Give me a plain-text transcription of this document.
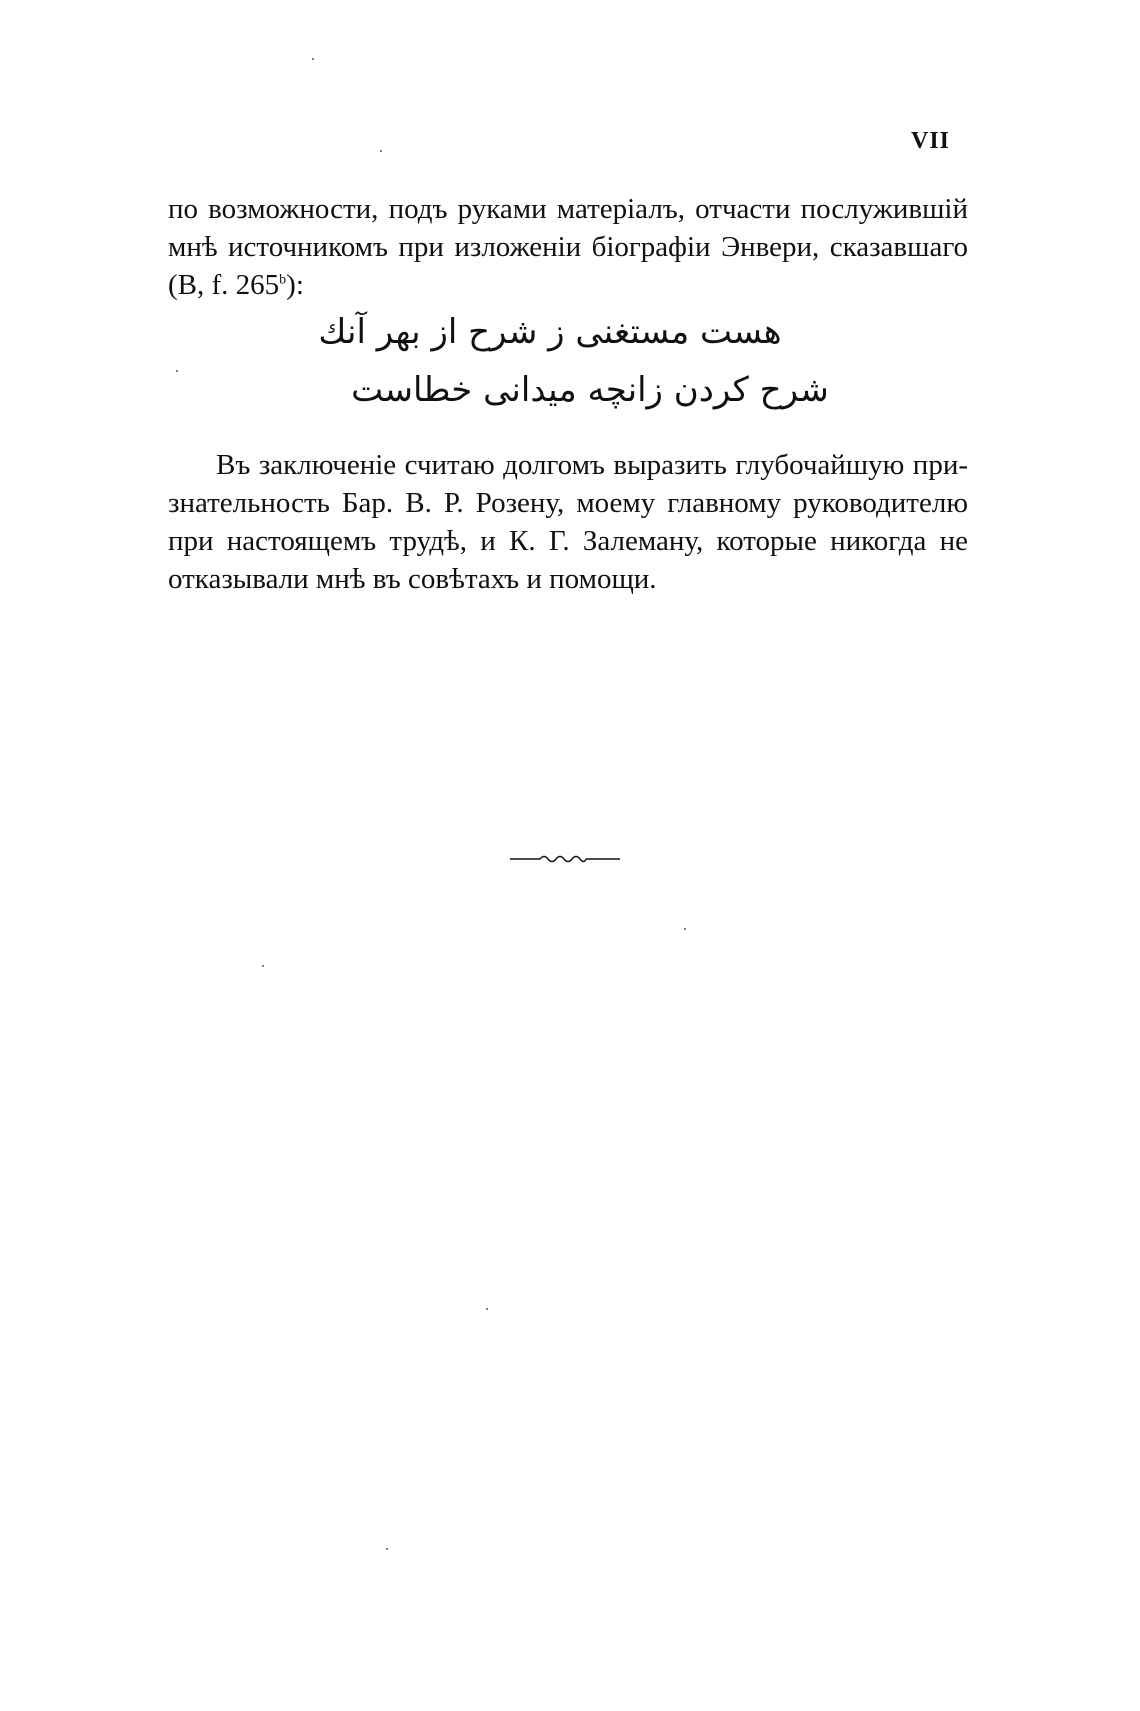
VII
по возможности, подъ руками матеріалъ, отчасти послужившій
мнѣ источникомъ при изложеніи біографіи Энвери, сказавшаго
(B, f. 265$^b$):
هست مستغنى ز شرح از بهر آنك
شرح كردن زانچه ميدانى خطاست
Въ заключеніе считаю долгомъ выразить глубочайшую при-
знательность Бар. В. Р. Розену, моему главному руководителю
при настоящемъ трудѣ, и К. Г. Залеману, которые никогда не
отказывали мнѣ въ совѣтахъ и помощи.
